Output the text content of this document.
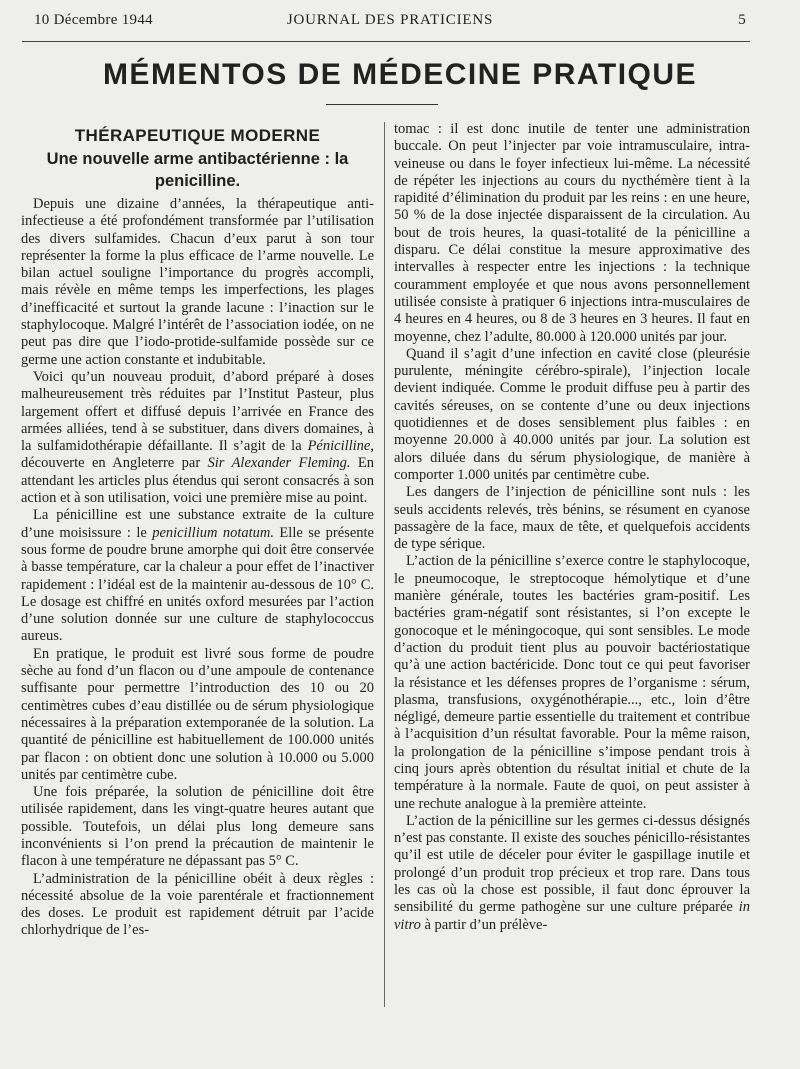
10 Décembre 1944	JOURNAL DES PRATICIENS	5
MÉMENTOS DE MÉDECINE PRATIQUE
THÉRAPEUTIQUE MODERNE
Une nouvelle arme antibactérienne : la penicilline.

Depuis une dizaine d’années, la thérapeutique anti-infectieuse a été profondément transformée par l’utilisation des divers sulfamides. Chacun d’eux parut à son tour représenter la forme la plus efficace de l’arme nouvelle. Le bilan actuel souligne l’importance du progrès accompli, mais révèle en même temps les imperfections, les plages d’inefficacité et surtout la grande lacune : l’inaction sur le staphylocoque. Malgré l’intérêt de l’association iodée, on ne peut pas dire que l’iodo-protide-sulfamide possède sur ce germe une action constante et indubitable.

Voici qu’un nouveau produit, d’abord préparé à doses malheureusement très réduites par l’Institut Pasteur, plus largement offert et diffusé depuis l’arrivée en France des armées alliées, tend à se substituer, dans divers domaines, à la sulfamidothérapie défaillante. Il s’agit de la Pénicilline, découverte en Angleterre par Sir Alexander Fleming. En attendant les articles plus étendus qui seront consacrés à son action et à son utilisation, voici une première mise au point.

La pénicilline est une substance extraite de la culture d’une moisissure : le penicillium notatum. Elle se présente sous forme de poudre brune amorphe qui doit être conservée à basse température, car la chaleur a pour effet de l’inactiver rapidement : l’idéal est de la maintenir au-dessous de 10° C. Le dosage est chiffré en unités oxford mesurées par l’action d’une solution donnée sur une culture de staphylococcus aureus.

En pratique, le produit est livré sous forme de poudre sèche au fond d’un flacon ou d’une ampoule de contenance suffisante pour permettre l’introduction des 10 ou 20 centimètres cubes d’eau distillée ou de sérum physiologique nécessaires à la préparation extemporanée de la solution. La quantité de pénicilline est habituellement de 100.000 unités par flacon : on obtient donc une solution à 10.000 ou 5.000 unités par centimètre cube.

Une fois préparée, la solution de pénicilline doit être utilisée rapidement, dans les vingt-quatre heures autant que possible. Toutefois, un délai plus long demeure sans inconvénients si l’on prend la précaution de maintenir le flacon à une température ne dépassant pas 5° C.

L’administration de la pénicilline obéit à deux règles : nécessité absolue de la voie parentérale et fractionnement des doses. Le produit est rapidement détruit par l’acide chlorhydrique de l’es-

tomac : il est donc inutile de tenter une administration buccale. On peut l’injecter par voie intramusculaire, intra-veineuse ou dans le foyer infectieux lui-même. La nécessité de répéter les injections au cours du nycthémère tient à la rapidité d’élimination du produit par les reins : en une heure, 50 % de la dose injectée disparaissent de la circulation. Au bout de trois heures, la quasi-totalité de la pénicilline a disparu. Ce délai constitue la mesure approximative des intervalles à respecter entre les injections : la technique couramment employée et que nous avons personnellement utilisée consiste à pratiquer 6 injections intra-musculaires de 4 heures en 4 heures, ou 8 de 3 heures en 3 heures. Il faut en moyenne, chez l’adulte, 80.000 à 120.000 unités par jour.

Quand il s’agit d’une infection en cavité close (pleurésie purulente, méningite cérébro-spirale), l’injection locale devient indiquée. Comme le produit diffuse peu à partir des cavités séreuses, on se contente d’une ou deux injections quotidiennes et de doses sensiblement plus faibles : en moyenne 20.000 à 40.000 unités par jour. La solution est alors diluée dans du sérum physiologique, de manière à comporter 1.000 unités par centimètre cube.

Les dangers de l’injection de pénicilline sont nuls : les seuls accidents relevés, très bénins, se résument en cyanose passagère de la face, maux de tête, et quelquefois accidents de type sérique.

L’action de la pénicilline s’exerce contre le staphylocoque, le pneumocoque, le streptocoque hémolytique et d’une manière générale, toutes les bactéries gram-positif. Les bactéries gram-négatif sont résistantes, si l’on excepte le gonocoque et le méningocoque, qui sont sensibles. Le mode d’action du produit tient plus au pouvoir bactériostatique qu’à une action bactéricide. Donc tout ce qui peut favoriser la résistance et les défenses propres de l’organisme : sérum, plasma, transfusions, oxygénothérapie..., etc., loin d’être négligé, demeure partie essentielle du traitement et contribue à l’acquisition d’un résultat favorable. Pour la même raison, la prolongation de la pénicilline s’impose pendant trois à cinq jours après obtention du résultat initial et chute de la température à la normale. Faute de quoi, on peut assister à une rechute analogue à la première atteinte.

L’action de la pénicilline sur les germes ci-dessus désignés n’est pas constante. Il existe des souches pénicillo-résistantes qu’il est utile de déceler pour éviter le gaspillage inutile et prolongé d’un produit trop précieux et trop rare. Dans tous les cas où la chose est possible, il faut donc éprouver la sensibilité du germe pathogène sur une culture préparée in vitro à partir d’un prélève-
